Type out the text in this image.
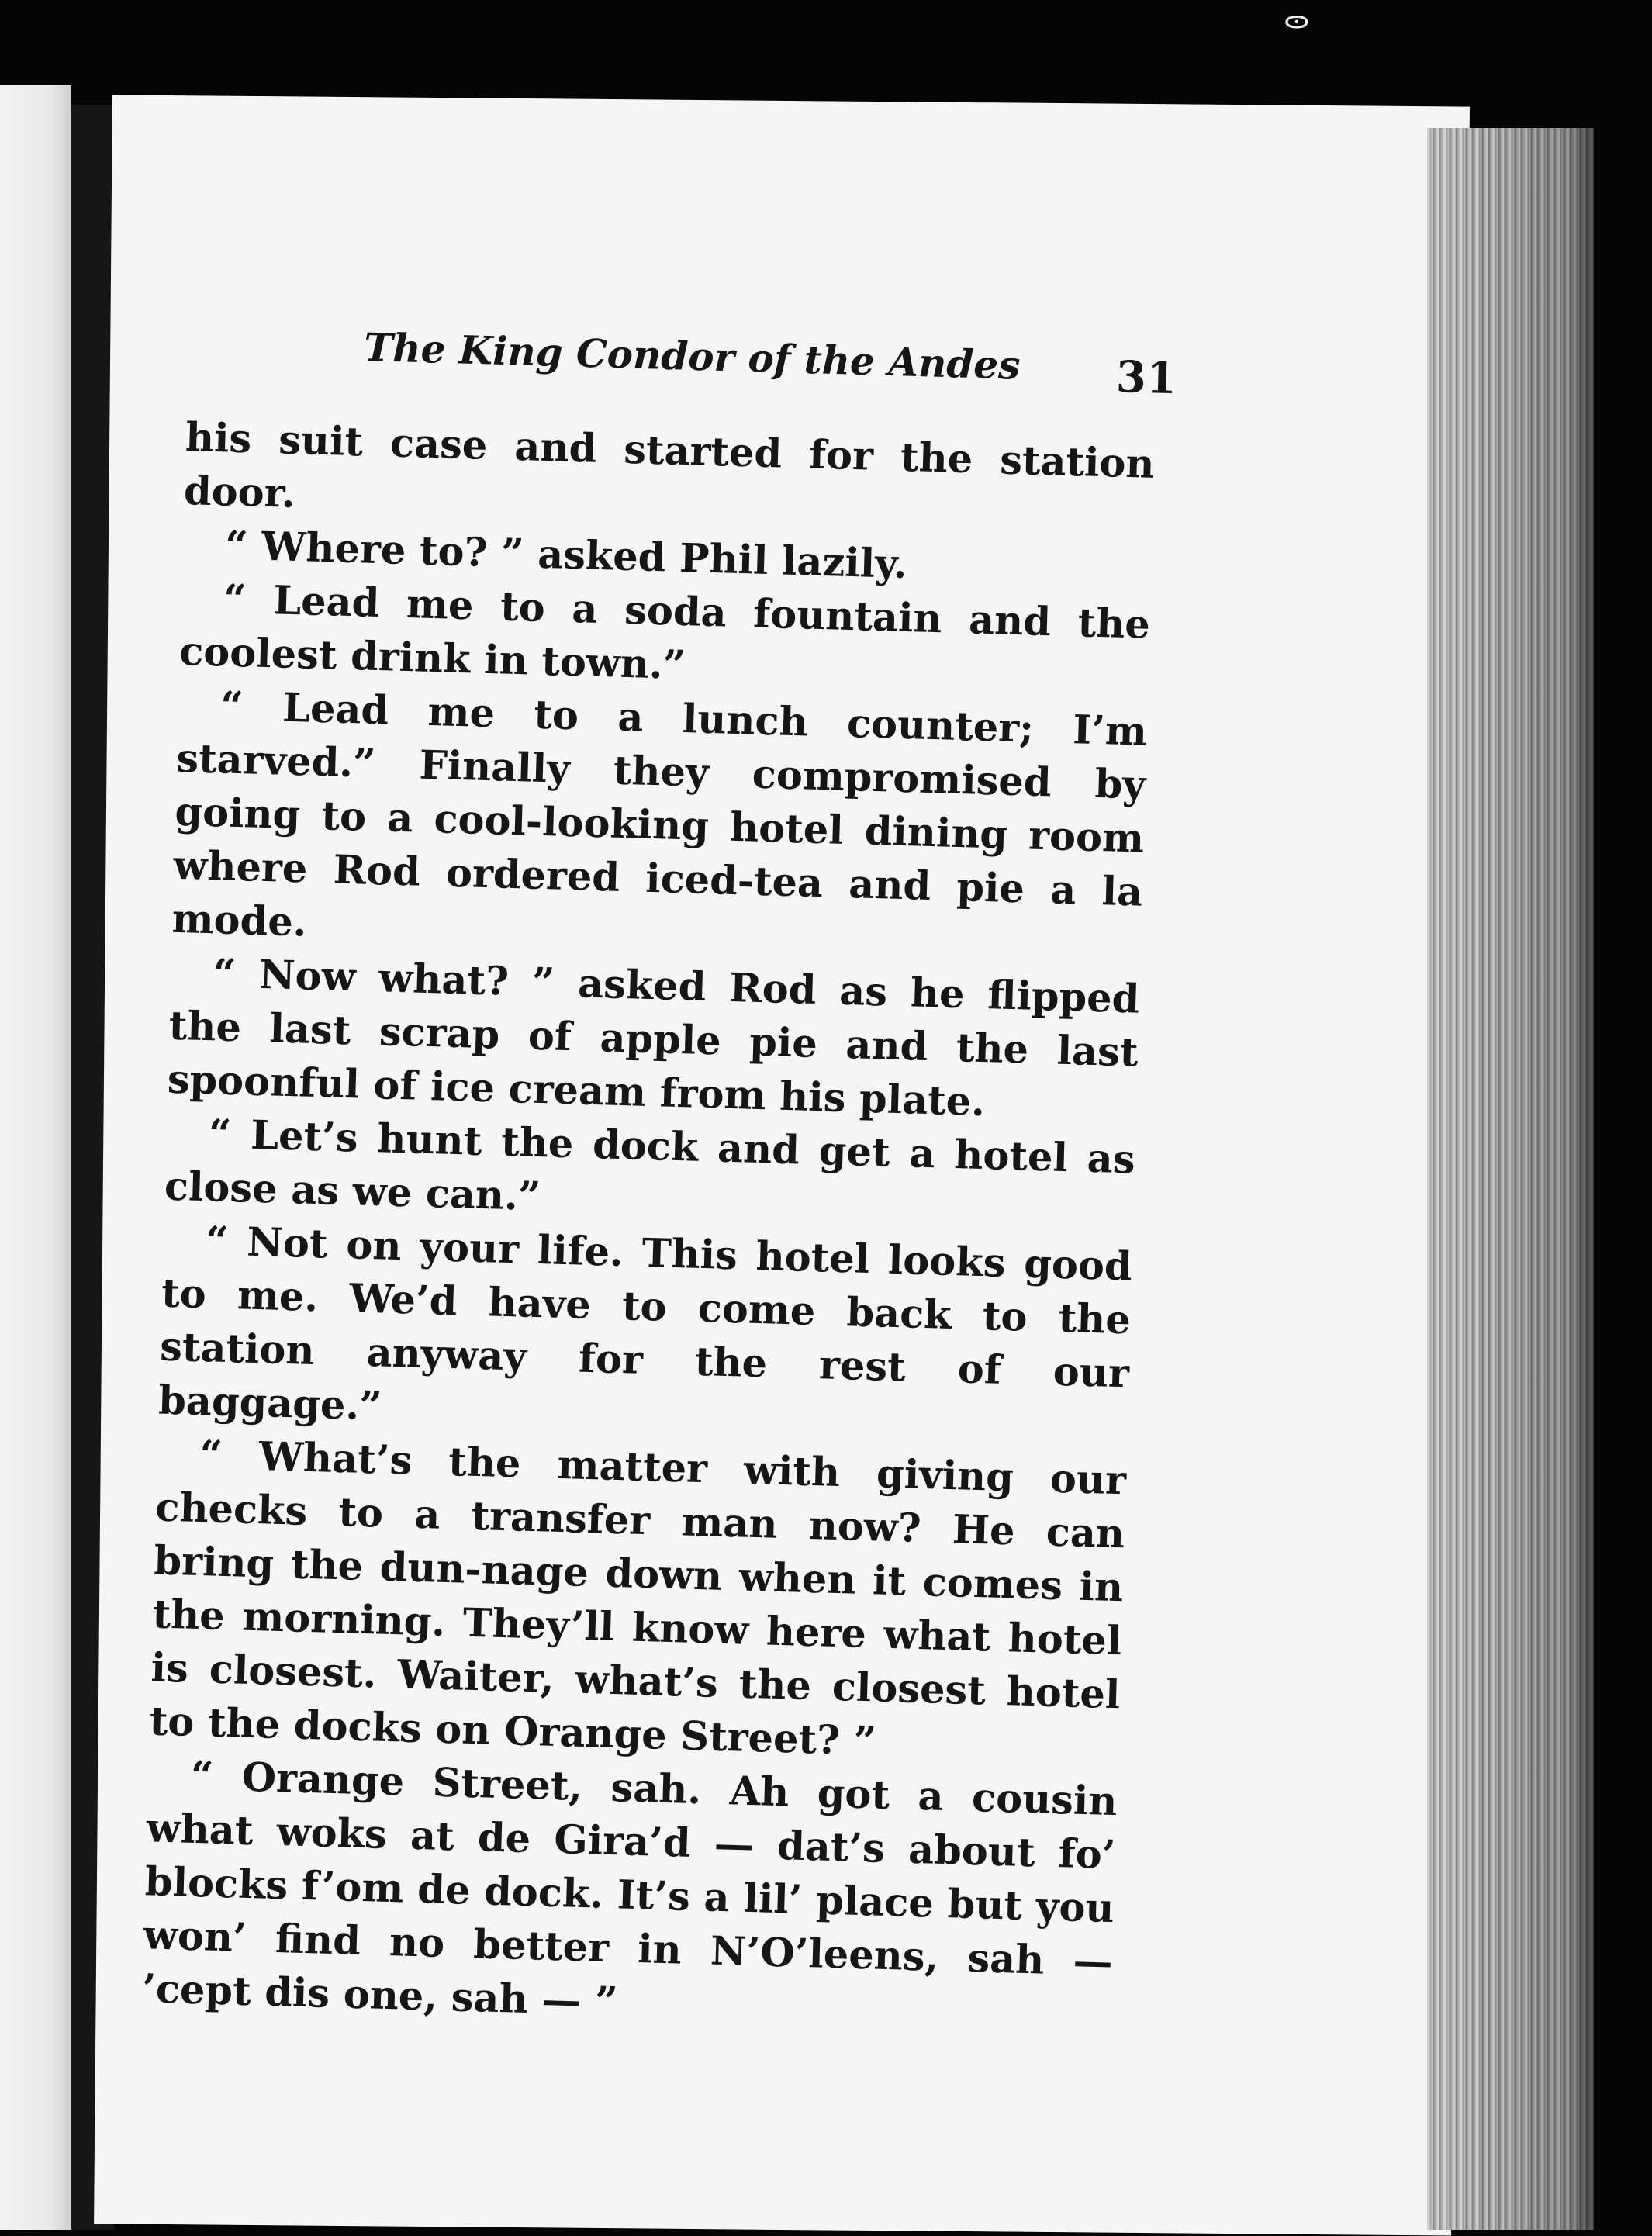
ᯣ
The King Condor of the Andes 31

his suit case and started for the station door.

“ Where to? ” asked Phil lazily.

“ Lead me to a soda fountain and the coolest drink in town.”

“ Lead me to a lunch counter; I’m starved.” Finally they compromised by going to a cool-looking hotel dining room where Rod ordered iced-tea and pie a la mode.

“ Now what? ” asked Rod as he flipped the last scrap of apple pie and the last spoonful of ice cream from his plate.

“ Let’s hunt the dock and get a hotel as close as we can.”

“ Not on your life. This hotel looks good to me. We’d have to come back to the station anyway for the rest of our baggage.”

“ What’s the matter with giving our checks to a transfer man now? He can bring the dun-nage down when it comes in the morning. They’ll know here what hotel is closest. Waiter, what’s the closest hotel to the docks on Orange Street? ”

“ Orange Street, sah. Ah got a cousin what woks at de Gira’d — dat’s about fo’ blocks f’om de dock. It’s a lil’ place but you won’ find no better in N’O’leens, sah — ’cept dis one, sah — ”
